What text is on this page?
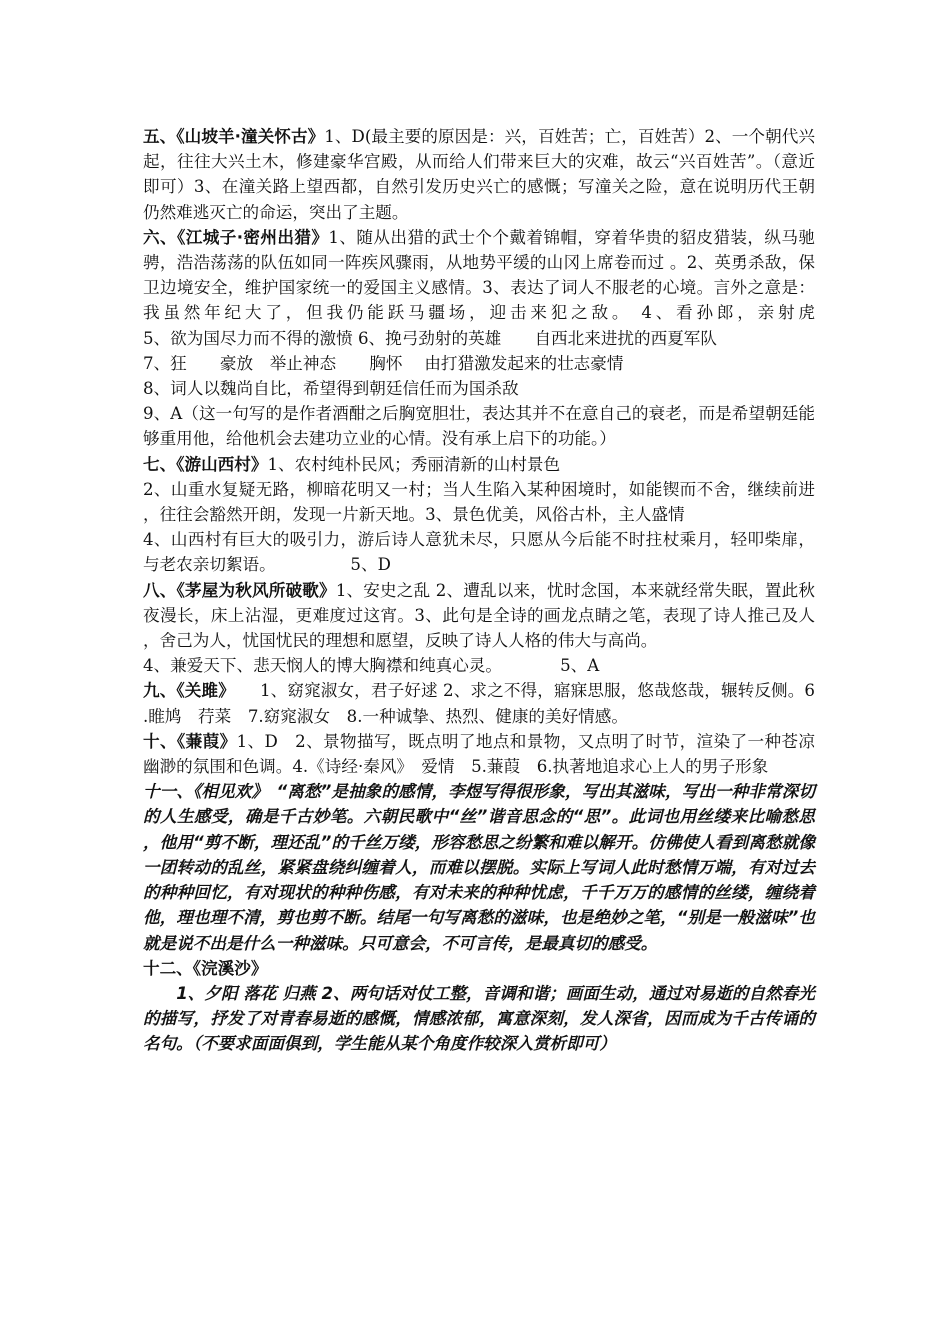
五、《山坡羊·潼关怀古》1、D(最主要的原因是：兴，百姓苦；亡，百姓苦）2、一个朝代兴起，往往大兴土木，修建豪华宫殿，从而给人们带来巨大的灾难，故云“兴百姓苦”。（意近即可）3、在潼关路上望西都，自然引发历史兴亡的感慨；写潼关之险，意在说明历代王朝仍然难逃灭亡的命运，突出了主题。

六、《江城子·密州出猎》1、随从出猎的武士个个戴着锦帽，穿着华贵的貂皮猎装，纵马驰骋，浩浩荡荡的队伍如同一阵疾风骤雨，从地势平缓的山冈上席卷而过 。2、英勇杀敌，保卫边境安全，维护国家统一的爱国主义感情。3、表达了词人不服老的心境。言外之意是：我虽然年纪大了，但我仍能跃马疆场，迎击来犯之敌。 4、看孙郎，亲射虎　　　　　　　　5、欲为国尽力而不得的激愤 6、挽弓劲射的英雄　　自西北来进扰的西夏军队

7、狂　　豪放　举止神态　　胸怀　 由打猎激发起来的壮志豪情

8、词人以魏尚自比，希望得到朝廷信任而为国杀敌

9、A（这一句写的是作者酒酣之后胸宽胆壮，表达其并不在意自己的衰老，而是希望朝廷能够重用他，给他机会去建功立业的心情。没有承上启下的功能。）

七、《游山西村》1、农村纯朴民风；秀丽清新的山村景色

2、山重水复疑无路，柳暗花明又一村；当人生陷入某种困境时，如能锲而不舍，继续前进，往往会豁然开朗，发现一片新天地。3、景色优美，风俗古朴，主人盛情

4、山西村有巨大的吸引力，游后诗人意犹未尽，只愿从今后能不时拄杖乘月，轻叩柴扉，与老农亲切絮语。　　　　　5、D

八、《茅屋为秋风所破歌》1、安史之乱 2、遭乱以来，忧时念国，本来就经常失眠，置此秋夜漫长，床上沾湿，更难度过这宵。3、此句是全诗的画龙点睛之笔，表现了诗人推己及人，舍己为人，忧国忧民的理想和愿望，反映了诗人人格的伟大与高尚。

4、兼爱天下、悲天悯人的博大胸襟和纯真心灵。　　　　5、A

九、《关雎》　　1、窈窕淑女，君子好逑 2、求之不得，寤寐思服，悠哉悠哉，辗转反侧。6.睢鸠　荇菜　7.窈窕淑女　8.一种诚挚、热烈、健康的美好情感。

十、《蒹葭》1、D　2、景物描写，既点明了地点和景物，又点明了时节，渲染了一种苍凉幽渺的氛围和色调。4.《诗经·秦风》　爱情　5.蒹葭　6.执著地追求心上人的男子形象

十一、《相见欢》　“离愁”是抽象的感情，李煜写得很形象，写出其滋味，写出一种非常深切的人生感受，确是千古妙笔。六朝民歌中“丝”谐音思念的“思”。此词也用丝缕来比喻愁思，他用“剪不断，理还乱”的千丝万缕，形容愁思之纷繁和难以解开。仿佛使人看到离愁就像一团转动的乱丝，紧紧盘绕纠缠着人，而难以摆脱。实际上写词人此时愁情万端，有对过去的种种回忆，有对现状的种种伤感，有对未来的种种忧虑，千千万万的感情的丝缕，缠绕着他，理也理不清，剪也剪不断。结尾一句写离愁的滋味，也是绝妙之笔，“别是一般滋味”也就是说不出是什么一种滋味。只可意会，不可言传，是最真切的感受。

十二、《浣溪沙》

1、夕阳 落花 归燕 2、两句话对仗工整，音调和谐；画面生动，通过对易逝的自然春光的描写，抒发了对青春易逝的感慨，情感浓郁，寓意深刻，发人深省，因而成为千古传诵的名句。（不要求面面俱到，学生能从某个角度作较深入赏析即可）
